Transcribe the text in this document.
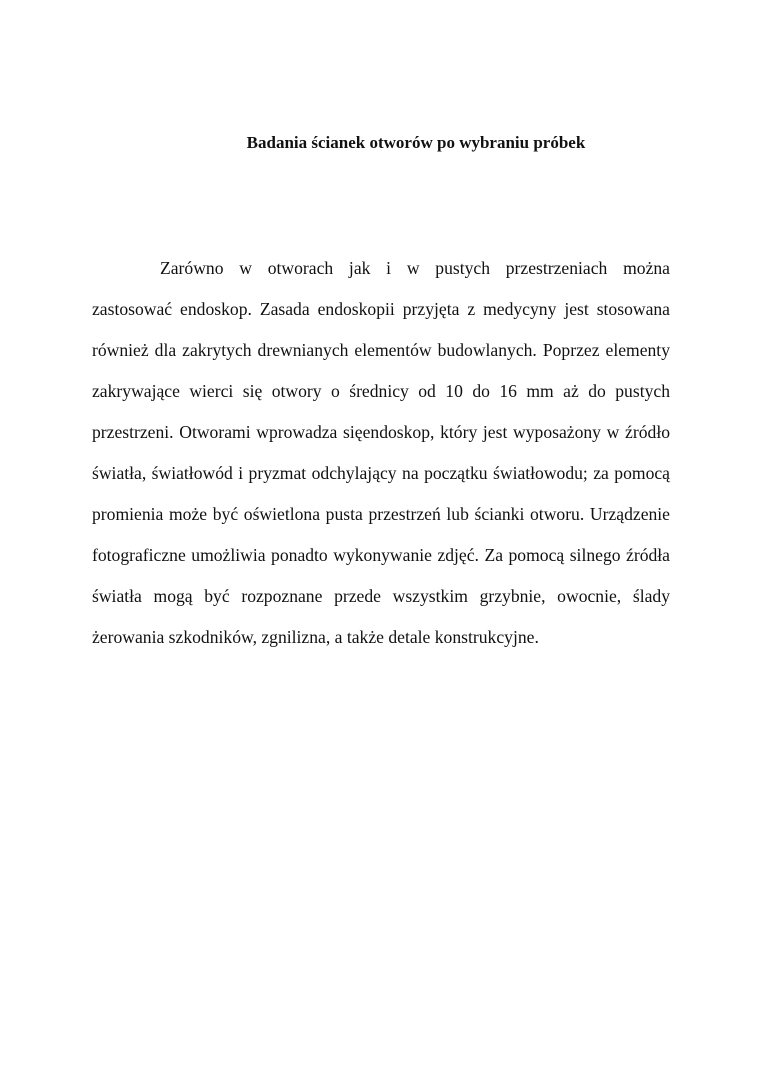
Badania ścianek otworów po wybraniu próbek
Zarówno w otworach jak i w pustych przestrzeniach można
zastosować endoskop. Zasada endoskopii przyjęta z medycyny jest stosowana
również dla zakrytych drewnianych elementów budowlanych. Poprzez elementy
zakrywające wierci się otwory o średnicy od 10 do 16 mm aż do pustych
przestrzeni. Otworami wprowadza sięendoskop, który jest wyposażony w źródło
światła, światłowód i pryzmat odchylający na początku światłowodu; za pomocą
promienia może być oświetlona pusta przestrzeń lub ścianki otworu. Urządzenie
fotograficzne umożliwia ponadto wykonywanie zdjęć. Za pomocą silnego źródła
światła mogą być rozpoznane przede wszystkim grzybnie, owocnie, ślady
żerowania szkodników, zgnilizna, a także detale konstrukcyjne.
